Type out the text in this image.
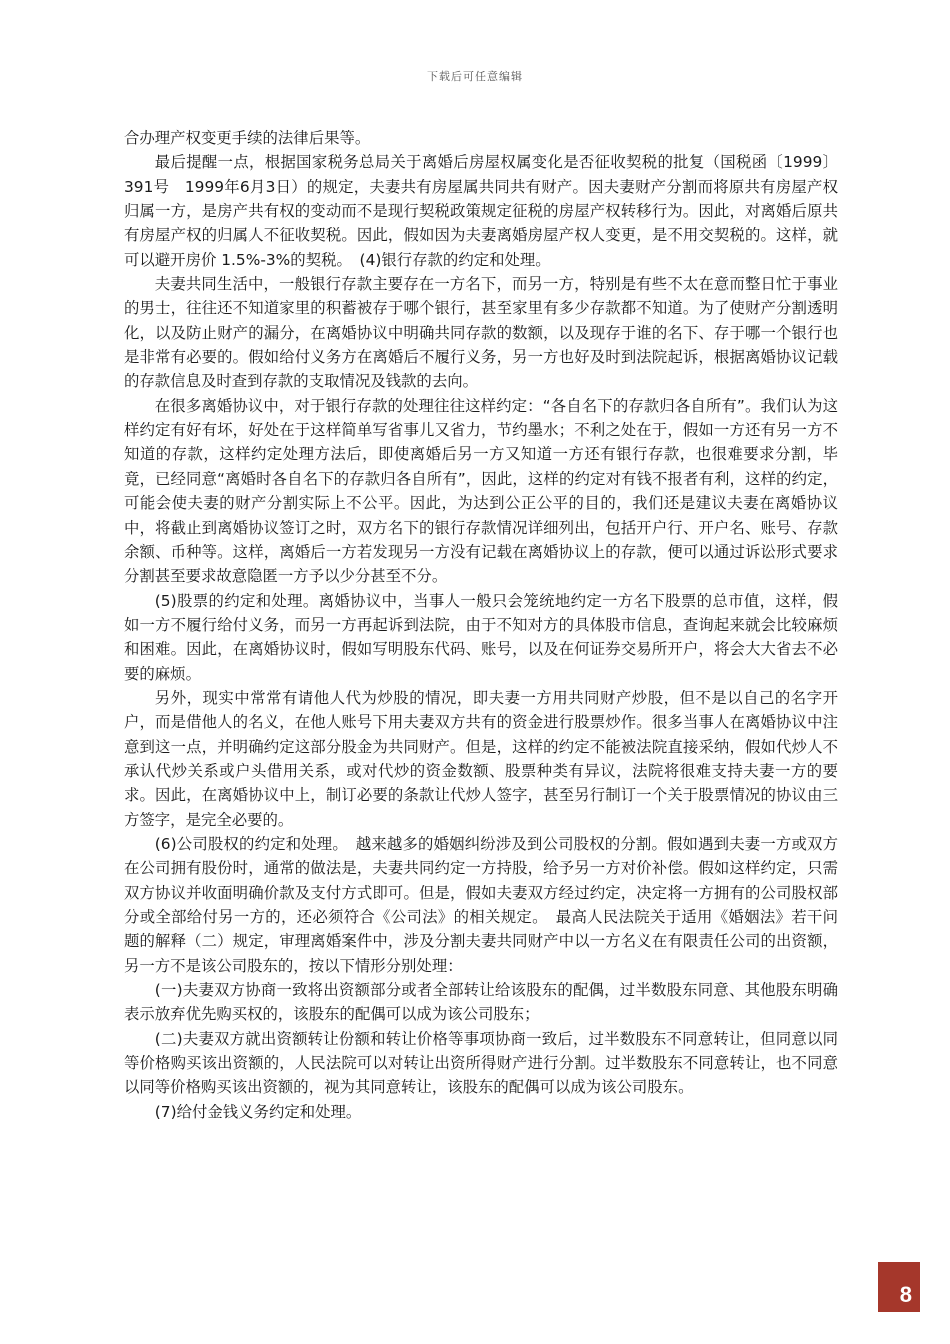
下载后可任意编辑

合办理产权变更手续的法律后果等。

最后提醒一点，根据国家税务总局关于离婚后房屋权属变化是否征收契税的批复（国税函〔1999〕391号　1999年6月3日）的规定，夫妻共有房屋属共同共有财产。因夫妻财产分割而将原共有房屋产权归属一方，是房产共有权的变动而不是现行契税政策规定征税的房屋产权转移行为。因此，对离婚后原共有房屋产权的归属人不征收契税。因此，假如因为夫妻离婚房屋产权人变更，是不用交契税的。这样，就可以避开房价 1.5%-3%的契税。　(4)银行存款的约定和处理。

夫妻共同生活中，一般银行存款主要存在一方名下，而另一方，特别是有些不太在意而整日忙于事业的男士，往往还不知道家里的积蓄被存于哪个银行，甚至家里有多少存款都不知道。为了使财产分割透明化，以及防止财产的漏分，在离婚协议中明确共同存款的数额，以及现存于谁的名下、存于哪一个银行也是非常有必要的。假如给付义务方在离婚后不履行义务，另一方也好及时到法院起诉，根据离婚协议记载的存款信息及时查到存款的支取情况及钱款的去向。

在很多离婚协议中，对于银行存款的处理往往这样约定：“各自名下的存款归各自所有”。我们认为这样约定有好有坏，好处在于这样简单写省事儿又省力，节约墨水；不利之处在于，假如一方还有另一方不知道的存款，这样约定处理方法后，即使离婚后另一方又知道一方还有银行存款，也很难要求分割，毕竟，已经同意“离婚时各自名下的存款归各自所有”，因此，这样的约定对有钱不报者有利，这样的约定，可能会使夫妻的财产分割实际上不公平。因此，为达到公正公平的目的，我们还是建议夫妻在离婚协议中，将截止到离婚协议签订之时，双方名下的银行存款情况详细列出，包括开户行、开户名、账号、存款余额、币种等。这样，离婚后一方若发现另一方没有记载在离婚协议上的存款，便可以通过诉讼形式要求分割甚至要求故意隐匿一方予以少分甚至不分。

(5)股票的约定和处理。离婚协议中，当事人一般只会笼统地约定一方名下股票的总市值，这样，假如一方不履行给付义务，而另一方再起诉到法院，由于不知对方的具体股市信息，查询起来就会比较麻烦和困难。因此，在离婚协议时，假如写明股东代码、账号，以及在何证券交易所开户，将会大大省去不必要的麻烦。

另外，现实中常常有请他人代为炒股的情况，即夫妻一方用共同财产炒股，但不是以自己的名字开户，而是借他人的名义，在他人账号下用夫妻双方共有的资金进行股票炒作。很多当事人在离婚协议中注意到这一点，并明确约定这部分股金为共同财产。但是，这样的约定不能被法院直接采纳，假如代炒人不承认代炒关系或户头借用关系，或对代炒的资金数额、股票种类有异议，法院将很难支持夫妻一方的要求。因此，在离婚协议中上，制订必要的条款让代炒人签字，甚至另行制订一个关于股票情况的协议由三方签字，是完全必要的。

(6)公司股权的约定和处理。　越来越多的婚姻纠纷涉及到公司股权的分割。假如遇到夫妻一方或双方在公司拥有股份时，通常的做法是，夫妻共同约定一方持股，给予另一方对价补偿。假如这样约定，只需双方协议并收面明确价款及支付方式即可。但是，假如夫妻双方经过约定，决定将一方拥有的公司股权部分或全部给付另一方的，还必须符合《公司法》的相关规定。　最高人民法院关于适用《婚姻法》若干问题的解释（二）规定，审理离婚案件中，涉及分割夫妻共同财产中以一方名义在有限责任公司的出资额，另一方不是该公司股东的，按以下情形分别处理：

(一)夫妻双方协商一致将出资额部分或者全部转让给该股东的配偶，过半数股东同意、其他股东明确表示放弃优先购买权的，该股东的配偶可以成为该公司股东；

(二)夫妻双方就出资额转让份额和转让价格等事项协商一致后，过半数股东不同意转让，但同意以同等价格购买该出资额的，人民法院可以对转让出资所得财产进行分割。过半数股东不同意转让，也不同意以同等价格购买该出资额的，视为其同意转让，该股东的配偶可以成为该公司股东。

(7)给付金钱义务约定和处理。

8
